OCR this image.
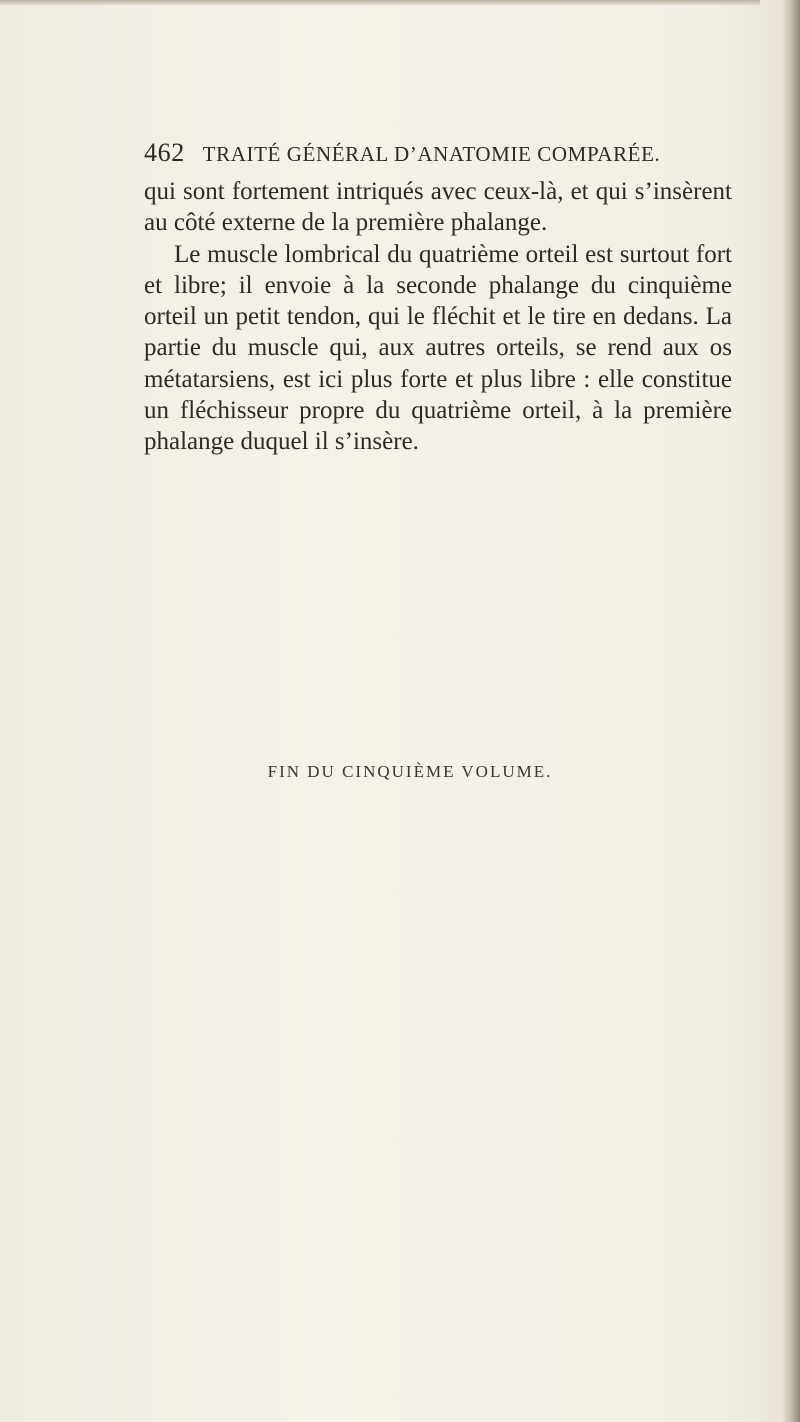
462 TRAITÉ GÉNÉRAL D’ANATOMIE COMPARÉE.

qui sont fortement intriqués avec ceux-là, et qui s’insèrent au côté externe de la première phalange.

Le muscle lombrical du quatrième orteil est surtout fort et libre; il envoie à la seconde phalange du cinquième orteil un petit tendon, qui le fléchit et le tire en dedans. La partie du muscle qui, aux autres orteils, se rend aux os métatarsiens, est ici plus forte et plus libre : elle constitue un fléchisseur propre du quatrième orteil, à la première phalange duquel il s’insère.

FIN DU CINQUIÈME VOLUME.
